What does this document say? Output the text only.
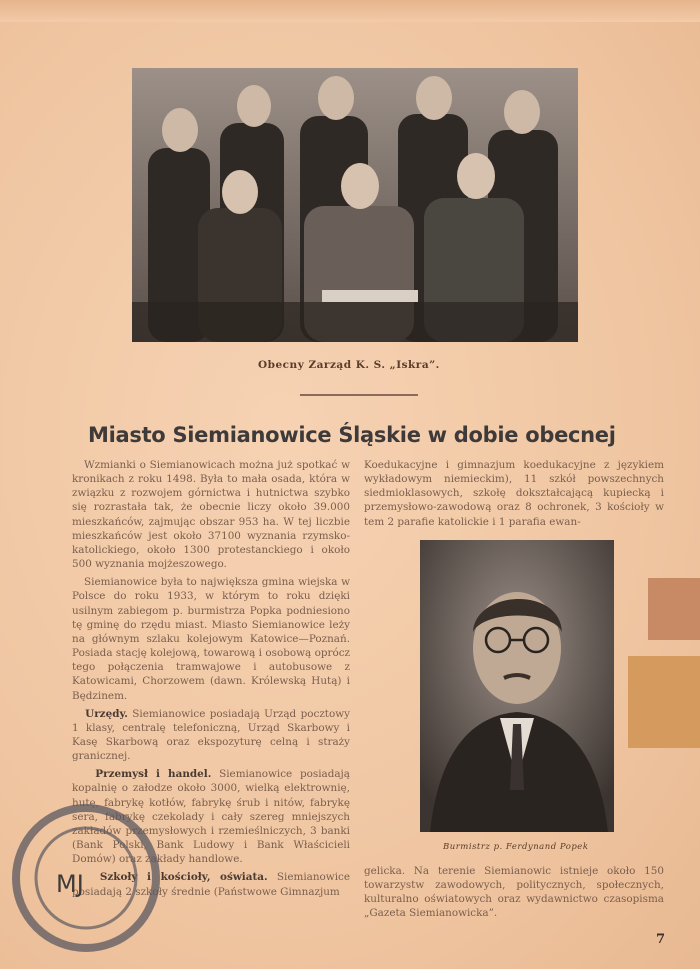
Obecny Zarząd K. S. „Iskra”.
Miasto Siemianowice Śląskie w dobie obecnej

Wzmianki o Siemianowicach można już spotkać w kronikach z roku 1498. Była to mała osada, która w związku z rozwojem górnictwa i hutnictwa szybko się rozrastała tak, że obecnie liczy około 39.000 mieszkańców, zajmując obszar 953 ha. W tej liczbie mieszkańców jest około 37100 wyznania rzymsko-katolickiego, około 1300 protestanckiego i około 500 wyznania mojżeszowego.

Siemianowice była to największa gmina wiejska w Polsce do roku 1933, w którym to roku dzięki usilnym zabiegom p. burmistrza Popka podniesiono tę gminę do rzędu miast. Miasto Siemianowice leży na głównym szlaku kolejowym Katowice—Poznań. Posiada stację kolejową, towarową i osobową oprócz tego połączenia tramwajowe i autobusowe z Katowicami, Chorzowem (dawn. Królewską Hutą) i Będzinem.

Urzędy. Siemianowice posiadają Urząd pocztowy 1 klasy, centralę telefoniczną, Urząd Skarbowy i Kasę Skarbową oraz ekspozyturę celną i straży granicznej.

Przemysł i handel. Siemianowice posiadają kopalnię o załodze około 3000, wielką elektrownię, hutę, fabrykę kotłów, fabrykę śrub i nitów, fabrykę sera, fabrykę czekolady i cały szereg mniejszych zakładów przemysłowych i rzemieślniczych, 3 banki (Bank Polski, Bank Ludowy i Bank Właścicieli Domów) oraz zakłady handlowe.

Szkoły i kościoły, oświata. Siemianowice posiadają 2 szkoły średnie (Państwowe Gimnazjum

Koedukacyjne i gimnazjum koedukacyjne z językiem wykładowym niemieckim), 11 szkół powszechnych siedmioklasowych, szkołę dokształcającą kupiecką i przemysłowo-zawodową oraz 8 ochronek, 3 kościoły w tem 2 parafie katolickie i 1 parafia ewan-

Burmistrz p. Ferdynand Popek

gelicka. Na terenie Siemianowic istnieje około 150 towarzystw zawodowych, politycznych, społecznych, kulturalno oświatowych oraz wydawnictwo czasopisma „Gazeta Siemianowicka”.

MJ
7
